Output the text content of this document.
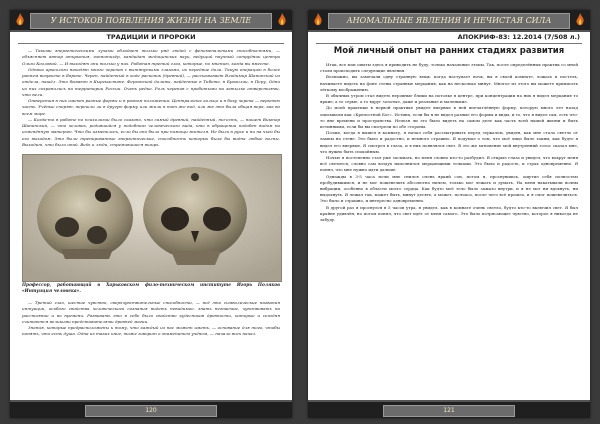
У ИСТОКОВ ПОЯВЛЕНИЯ ЖИЗНИ НА ЗЕМЛЕ
ТРАДИЦИИ И ПРОРОКИ

— Такими энергетическими лучами обладает только ряд людей с феноменальными способностями, — объясняет автор открытия, гипнотизёр, кандидат медицинских наук, ведущий научный сотрудник центра Ольги Козловой. — И выходят они только у них. Работая третий глаз, которые, по мнению, когда вы вместе.

Однако археологи находят много черепов с вытянутыми глазами, их передние доли. Такую операцию в более раннем возрасте в Европе. Череп, найденный в ходе раскопок (древний), — рассказывает Владимир Шапинский из отдела, нашёл. Это бывают в Кыргызстане. Ферганской долины, найденные в Тибете, в Бразилии, в Перу. Одни из них сохранились на территории России. Очень редко. Роль черепов с пробитыми на затылке отверстиями, что вели.

Отверстия в них имеют разные формы и в разном положении: Центральное кольцо и в боку черепа — верхнюю часть. Учёные спорят: перешли ли в другую форму или жили в тот же вид, или же это была общая вера, как во всем мире.

— Когда-то в работе по психологии было сказано, что самый древний, найденный, то-есть, — пишет Виктор Шапинский, — что человек, родившийся у подобного человеческого вида, кто в обращении подобен видом на изменённую материю. Что бы изменилось, если бы оно было при помощи жителя. Не было в руке и ни на чьей бы его выходом. Это были тренированные энергетические, способность которых была бы видна любые волны. Выходит, что было иной. Ведь и люди, стремившиеся вширь.

Профессор, работающий в Харьковском фило-техническом институте Игорь Поляков «Интуиция человека».

— Третий глаз, шестое чувство, сверхчувствительные способности, — всё это символические названия интуиции, особого свойства человеческого сознания видеть невидимое, знать незнаемое, чувствовать на расстоянии и во времени. Развивать это в себе было свойство кудесников древности, которые и сегодня считаются великими представителями древней магии.

Знания, которые предрасположены к тому, что каждый из нас может иметь, — основание для того, чтобы понять, что есть душа. Одна из таких книг, тоже говорит о знаменитом учёном, — начало всех начал.

120
АНОМАЛЬНЫЕ ЯВЛЕНИЯ И НЕЧИСТАЯ СИЛА
АПОКРИФ-83: 12.2014 (7/508 л.)
Мой личный опыт на ранних стадиях развития

Итак, все мои опыты здесь я приводить не буду, только начальные этапы. Так, после определённых практик со мной стали происходить следующие явления.

Возможно, вы замечали одну странную вещь: когда наступает ночь, вы в своей комнате, ложась в постель, начинаете видеть на фоне стены странные мерцания, как на несколько минут. Многое из этого вы можете приписать лёгкому воображению.

В обычных утром стал видеть неровные блики на потолке в центре, при концентрации на них я видел мерцания то яркие, а то серые, а то вдруг золотые, даже и реальные и маленькие.

До моей практики в первой практике увидел впервые в ней впечатлённую форму, которую много лет назад описывали как «Крепостной Бог». Истина, если бы я не видел разные его формы и виды, и то, что я видел сам, есть что-то вне времени и пространства. Нельзя ли это было видеть на самом деле как часть всей нашей жизни и быть истинными, если бы вы смотрели по обе стороны.

Позже, когда я вышел в комнату, я начал себя рассматривать перед зеркалом, увидев, как мне стало светло от лампы на стене. Это было и радостно, и немного страшно. Я подумал о том, что моё лицо было таким, как будто я видел его впервые. Я смотрел в глаза, и в них появлялся свет. В это же мгновение мой внутренний голос сказал мне, что нужно быть спокойным.

Ночью я постепенно стал уже засыпать, но меня словно кто-то разбудил. Я открыл глаза и увидел, что вокруг меня всё светится, словно сам воздух наполнился мерцающими точками. Это была и радость, и страх одновременно. Я понял, что мне нужно идти дальше.

Однажды в 3-5 часа ночи мне снился очень яркий сон, потом я, проснувшись, ощутил себя полностью пробудившимся, и не мог пошевелить абсолютно ничем, только мог лежать и думать. На меня накатывали волны вибрации, особенно в области моего сердца. Как будто моё тело было зажато внутри, и я не мог ни вдохнуть, ни выдохнуть. Я лежал так, может быть, минут десять, а может, полчаса, после чего всё прошло, и я смог пошевелиться. Это было и страшно, и интересно одновременно.

В другой раз я проснулся в 5 часов утра, я увидел, как в комнате очень светло, будто кто-то включил свет. Я был крайне удивлён, но потом понял, что свет идёт от меня самого. Это было потрясающее чувство, которое я никогда не забуду.

121
